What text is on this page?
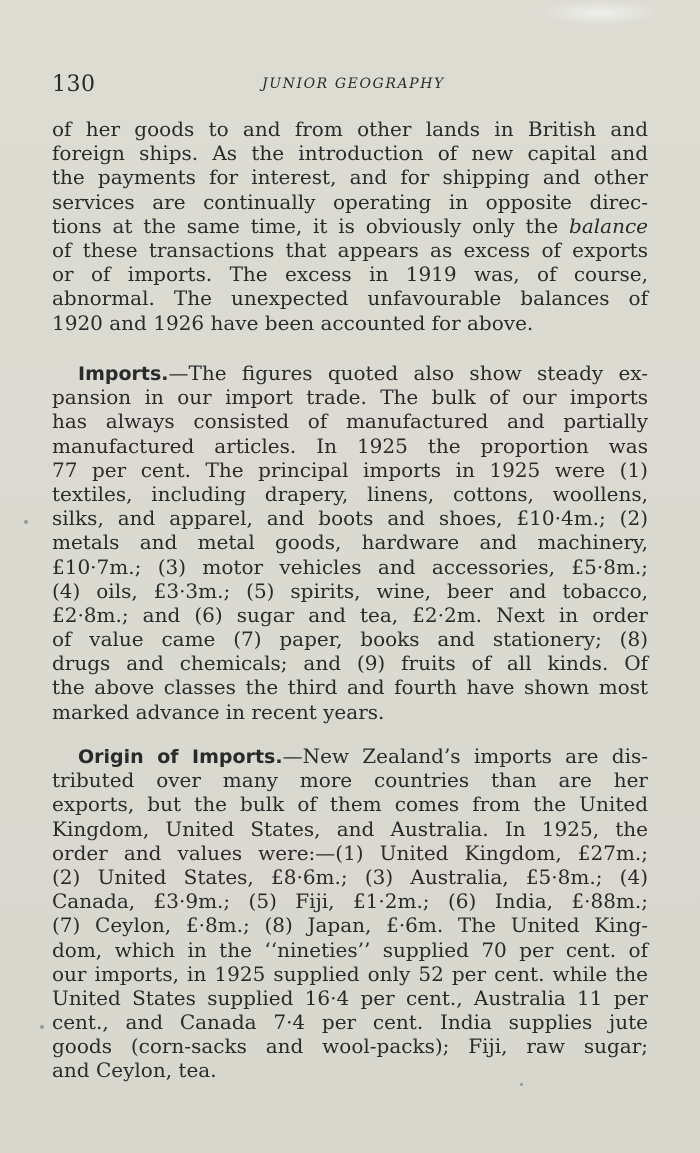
130	JUNIOR GEOGRAPHY
of her goods to and from other lands in British and
foreign ships. As the introduction of new capital and
the payments for interest, and for shipping and other
services are continually operating in opposite direc-
tions at the same time, it is obviously only the balance
of these transactions that appears as excess of exports
or of imports. The excess in 1919 was, of course,
abnormal. The unexpected unfavourable balances of
1920 and 1926 have been accounted for above.
Imports.—The figures quoted also show steady ex-
pansion in our import trade. The bulk of our imports
has always consisted of manufactured and partially
manufactured articles. In 1925 the proportion was
77 per cent. The principal imports in 1925 were (1)
textiles, including drapery, linens, cottons, woollens,
silks, and apparel, and boots and shoes, £10·4m.; (2)
metals and metal goods, hardware and machinery,
£10·7m.; (3) motor vehicles and accessories, £5·8m.;
(4) oils, £3·3m.; (5) spirits, wine, beer and tobacco,
£2·8m.; and (6) sugar and tea, £2·2m. Next in order
of value came (7) paper, books and stationery; (8)
drugs and chemicals; and (9) fruits of all kinds. Of
the above classes the third and fourth have shown most
marked advance in recent years.
Origin of Imports.—New Zealand’s imports are dis-
tributed over many more countries than are her
exports, but the bulk of them comes from the United
Kingdom, United States, and Australia. In 1925, the
order and values were:—(1) United Kingdom, £27m.;
(2) United States, £8·6m.; (3) Australia, £5·8m.; (4)
Canada, £3·9m.; (5) Fiji, £1·2m.; (6) India, £·88m.;
(7) Ceylon, £·8m.; (8) Japan, £·6m. The United King-
dom, which in the ‘‘nineties’’ supplied 70 per cent. of
our imports, in 1925 supplied only 52 per cent. while the
United States supplied 16·4 per cent., Australia 11 per
cent., and Canada 7·4 per cent. India supplies jute
goods (corn-sacks and wool-packs); Fiji, raw sugar;
and Ceylon, tea.
